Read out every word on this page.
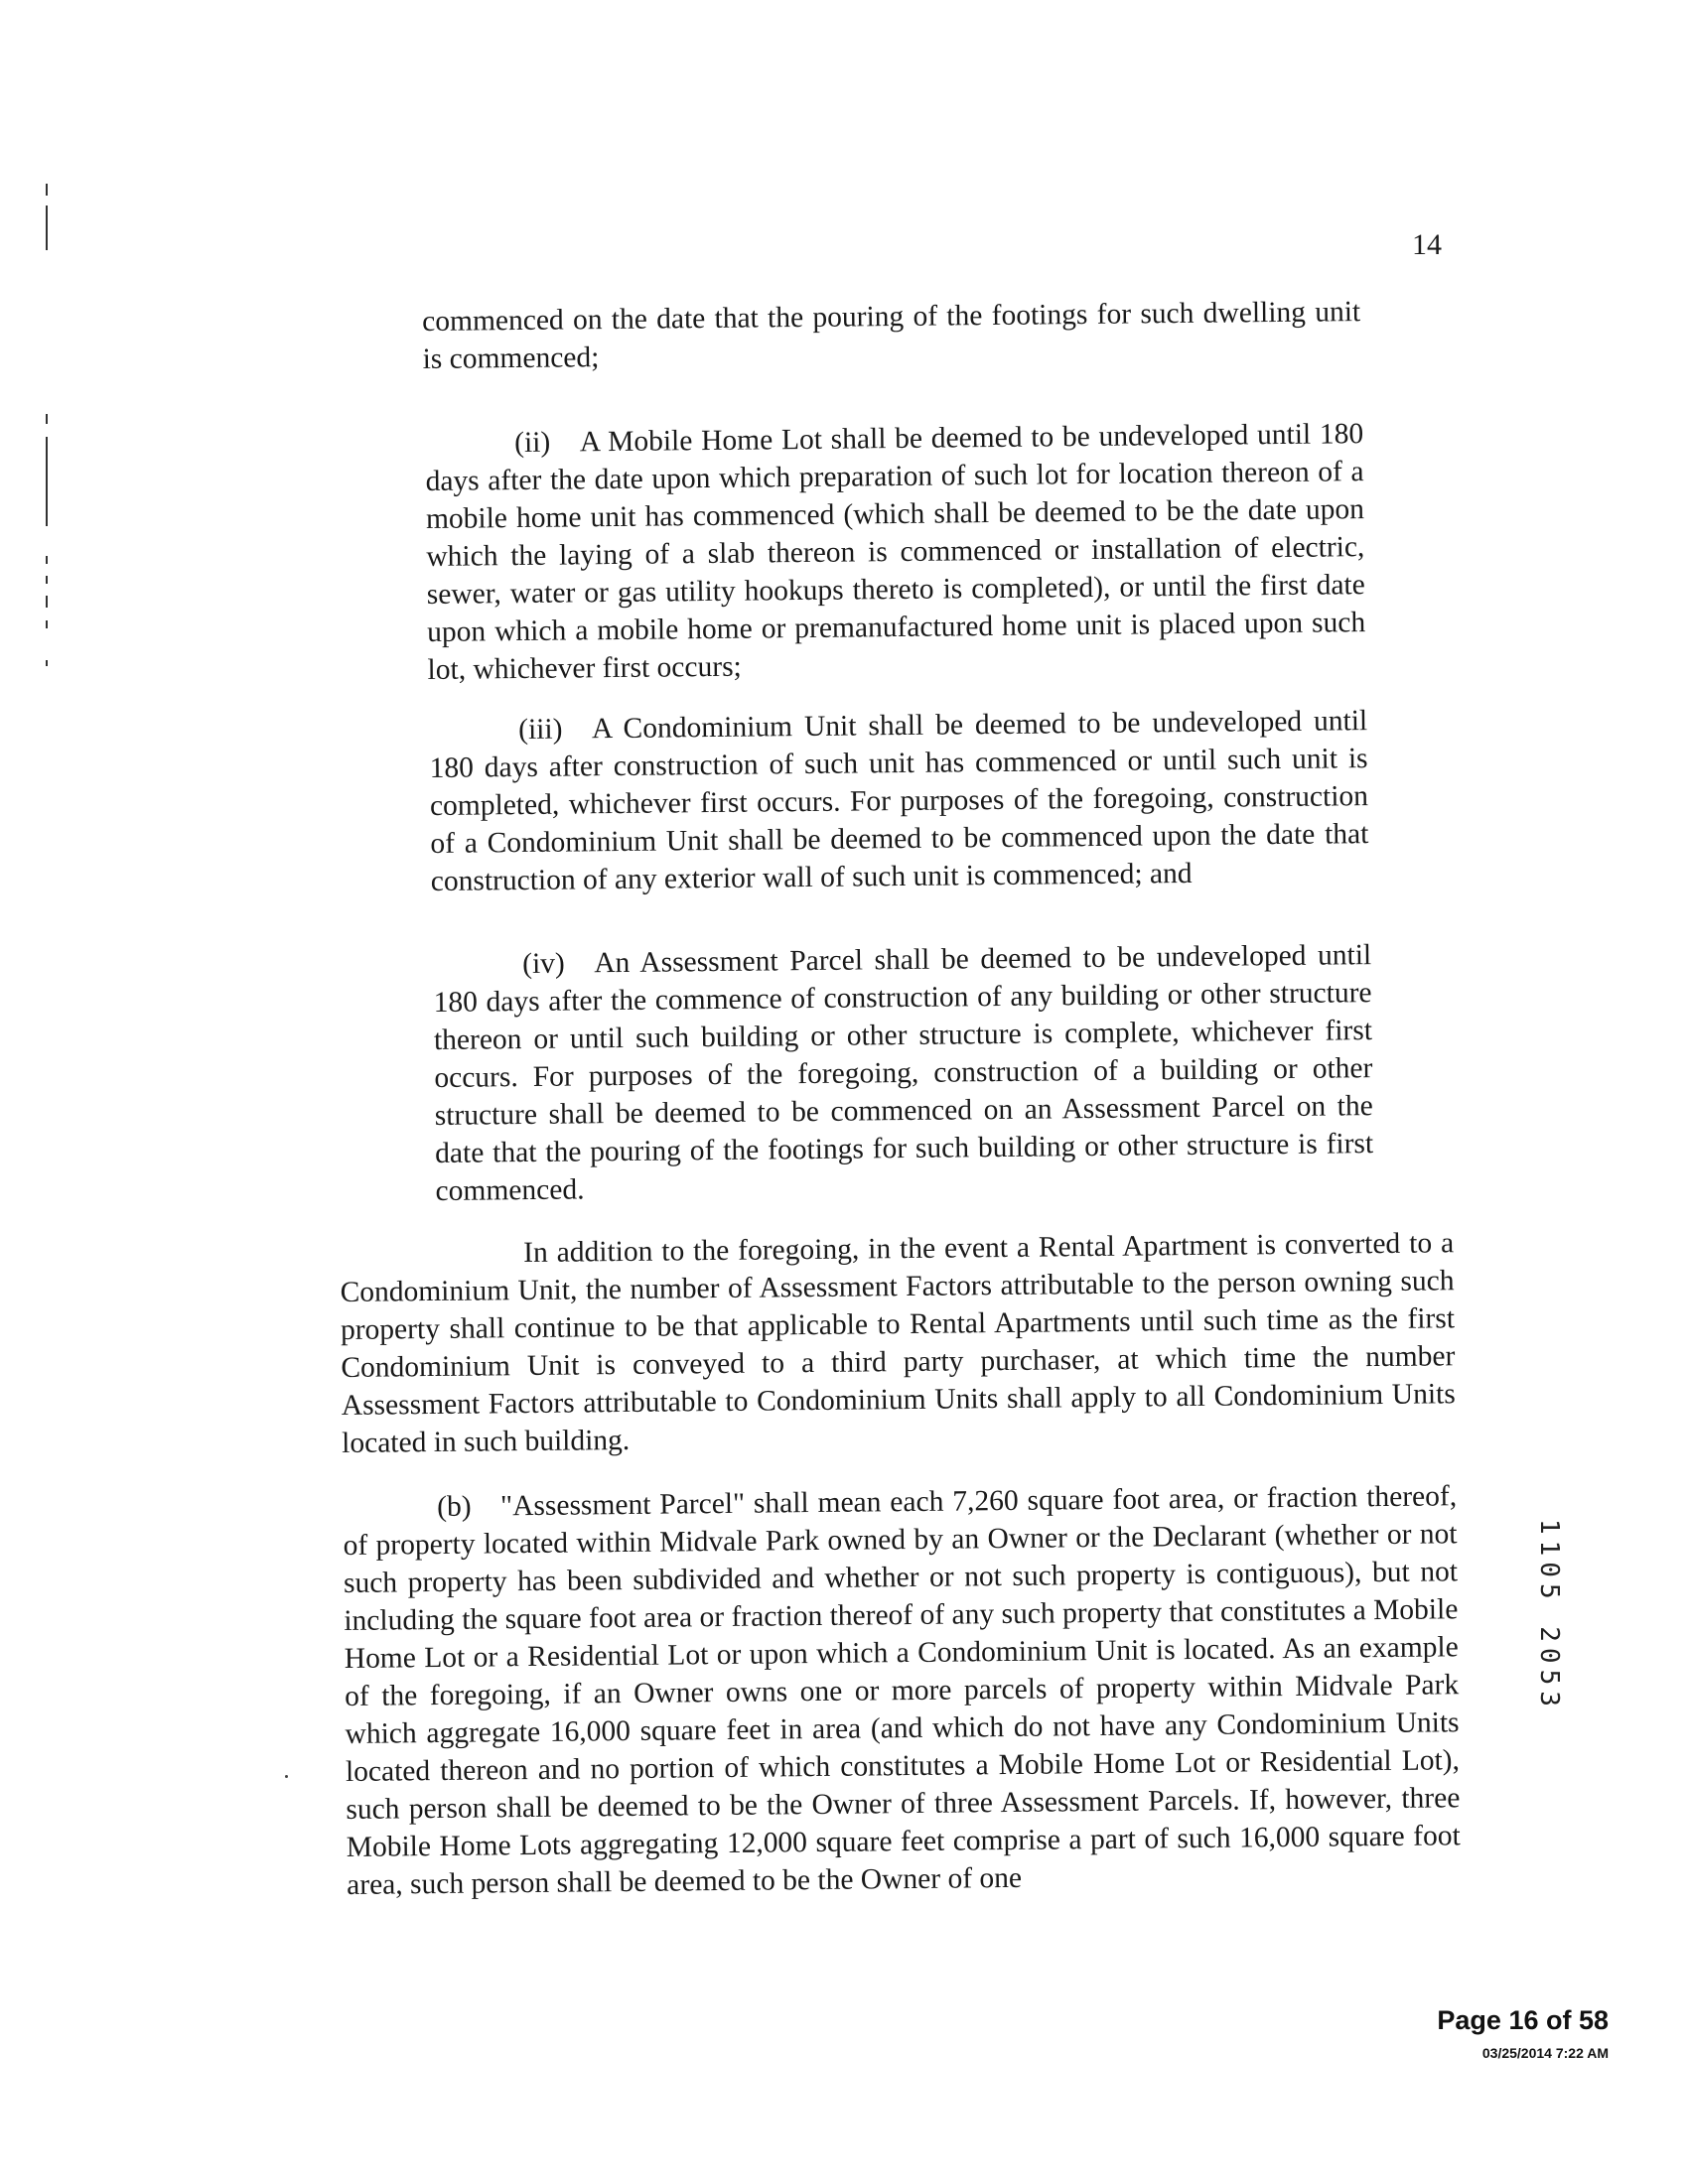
14

commenced on the date that the pouring of the footings for such dwelling unit is commenced;

(ii) A Mobile Home Lot shall be deemed to be undeveloped until 180 days after the date upon which preparation of such lot for location thereon of a mobile home unit has commenced (which shall be deemed to be the date upon which the laying of a slab thereon is commenced or installation of electric, sewer, water or gas utility hookups thereto is completed), or until the first date upon which a mobile home or premanufactured home unit is placed upon such lot, whichever first occurs;

(iii) A Condominium Unit shall be deemed to be undeveloped until 180 days after construction of such unit has commenced or until such unit is completed, whichever first occurs. For purposes of the foregoing, construction of a Condominium Unit shall be deemed to be commenced upon the date that construction of any exterior wall of such unit is commenced; and

(iv) An Assessment Parcel shall be deemed to be undeveloped until 180 days after the commence of construction of any building or other structure thereon or until such building or other structure is complete, whichever first occurs. For purposes of the foregoing, construction of a building or other structure shall be deemed to be commenced on an Assessment Parcel on the date that the pouring of the footings for such building or other structure is first commenced.

In addition to the foregoing, in the event a Rental Apartment is converted to a Condominium Unit, the number of Assessment Factors attributable to the person owning such property shall continue to be that applicable to Rental Apartments until such time as the first Condominium Unit is conveyed to a third party purchaser, at which time the number Assessment Factors attributable to Condominium Units shall apply to all Condominium Units located in such building.

(b) "Assessment Parcel" shall mean each 7,260 square foot area, or fraction thereof, of property located within Midvale Park owned by an Owner or the Declarant (whether or not such property has been subdivided and whether or not such property is contiguous), but not including the square foot area or fraction thereof of any such property that constitutes a Mobile Home Lot or a Residential Lot or upon which a Condominium Unit is located. As an example of the foregoing, if an Owner owns one or more parcels of property within Midvale Park which aggregate 16,000 square feet in area (and which do not have any Condominium Units located thereon and no portion of which constitutes a Mobile Home Lot or Residential Lot), such person shall be deemed to be the Owner of three Assessment Parcels. If, however, three Mobile Home Lots aggregating 12,000 square feet comprise a part of such 16,000 square foot area, such person shall be deemed to be the Owner of one

1105 2053
Page 16 of 58
03/25/2014 7:22 AM
